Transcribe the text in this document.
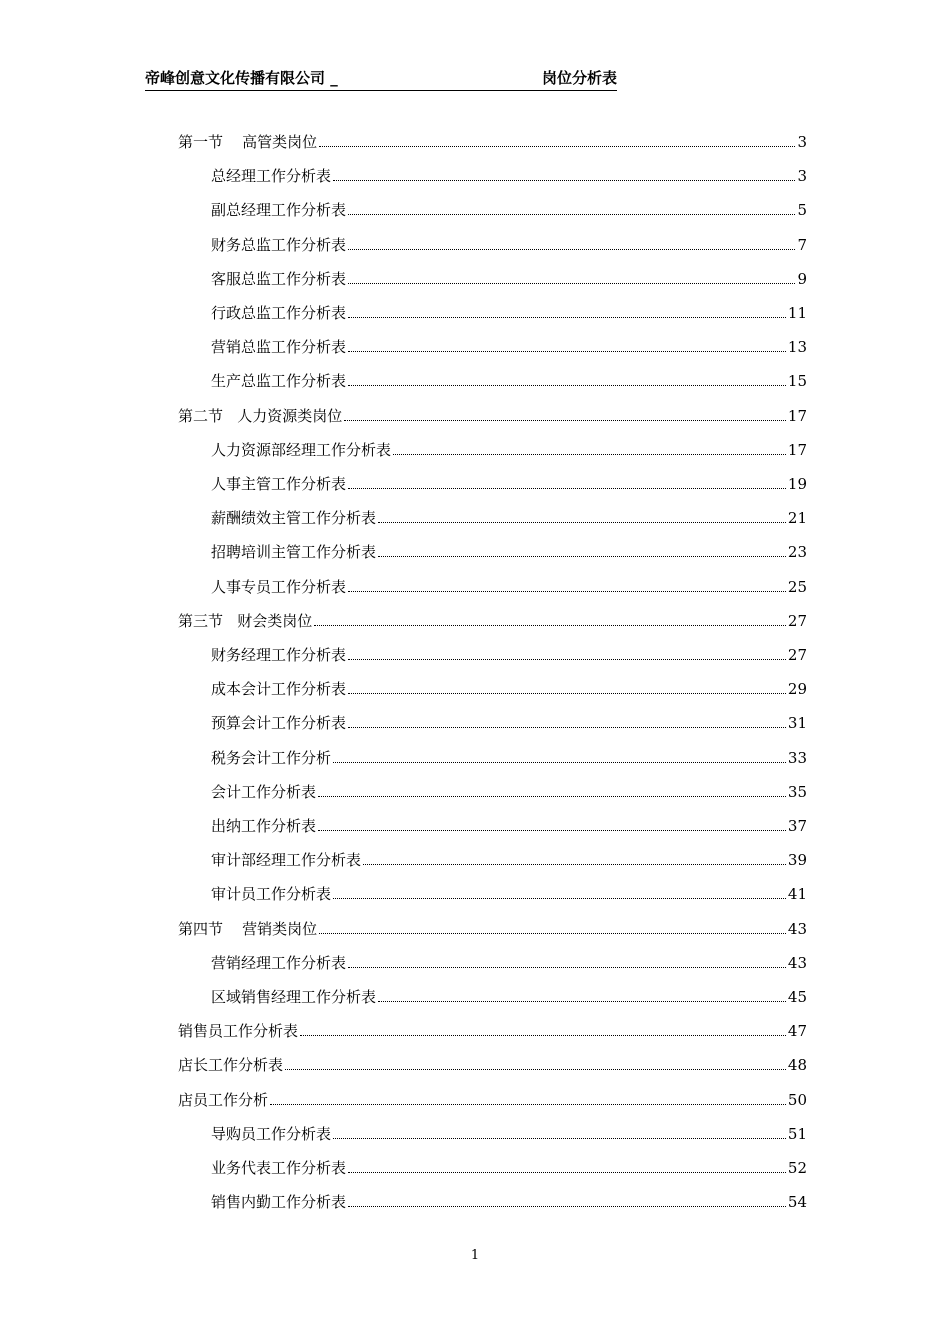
帝峰创意文化传播有限公司 _	岗位分析表
第一节    高管类岗位	3
总经理工作分析表	3
副总经理工作分析表	5
财务总监工作分析表	7
客服总监工作分析表	9
行政总监工作分析表	11
营销总监工作分析表	13
生产总监工作分析表	15
第二节   人力资源类岗位	17
人力资源部经理工作分析表	17
人事主管工作分析表	19
薪酬绩效主管工作分析表	21
招聘培训主管工作分析表	23
人事专员工作分析表	25
第三节   财会类岗位	27
财务经理工作分析表	27
成本会计工作分析表	29
预算会计工作分析表	31
税务会计工作分析	33
会计工作分析表	35
出纳工作分析表	37
审计部经理工作分析表	39
审计员工作分析表	41
第四节    营销类岗位	43
营销经理工作分析表	43
区域销售经理工作分析表	45
销售员工作分析表	47
店长工作分析表	48
店员工作分析	50
导购员工作分析表	51
业务代表工作分析表	52
销售内勤工作分析表	54
1
